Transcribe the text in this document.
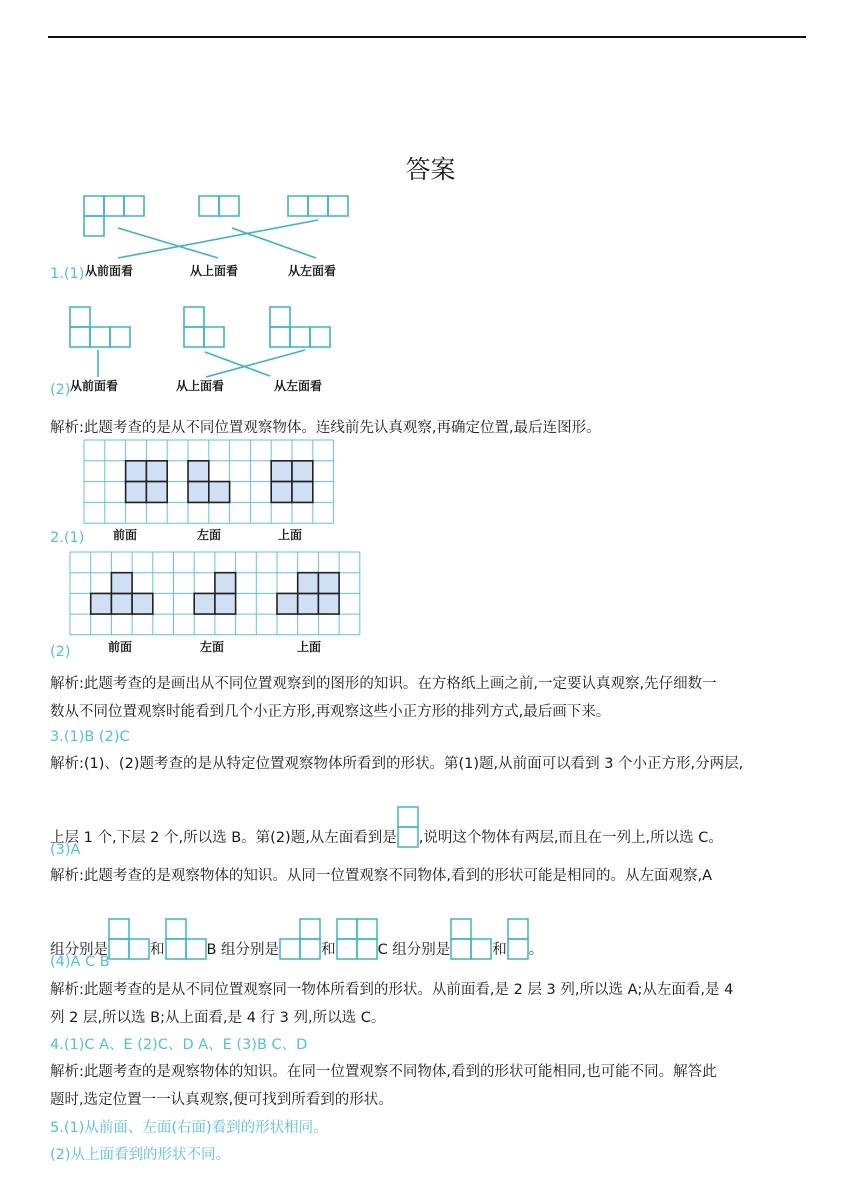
答案
1.(1) 从前面看	从上面看	从左面看
(2) 从前面看	从上面看	从左面看
解析:此题考查的是从不同位置观察物体。连线前先认真观察,再确定位置,最后连图形。
前面	左面	上面
2.(1)
前面	左面	上面
(2)
解析:此题考查的是画出从不同位置观察到的图形的知识。在方格纸上画之前,一定要认真观察,先仔细数一
数从不同位置观察时能看到几个小正方形,再观察这些小正方形的排列方式,最后画下来。
3.(1)B (2)C
解析:(1)、(2)题考查的是从特定位置观察物体所看到的形状。第(1)题,从前面可以看到 3 个小正方形,分两层,
上层 1 个,下层 2 个,所以选 B。第(2)题,从左面看到是 ,说明这个物体有两层,而且在一列上,所以选 C。
(3)A
解析:此题考查的是观察物体的知识。从同一位置观察不同物体,看到的形状可能是相同的。从左面观察,A
组分别是	和	B 组分别是	和	C 组分别是	和 。
(4)A C B
解析:此题考查的是从不同位置观察同一物体所看到的形状。从前面看,是 2 层 3 列,所以选 A;从左面看,是 4
列 2 层,所以选 B;从上面看,是 4 行 3 列,所以选 C。
4.(1)C A、E (2)C、D A、E (3)B C、D
解析:此题考查的是观察物体的知识。在同一位置观察不同物体,看到的形状可能相同,也可能不同。解答此
题时,选定位置一一认真观察,便可找到所看到的形状。
5.(1)从前面、左面(右面)看到的形状相同。
(2)从上面看到的形状不同。
